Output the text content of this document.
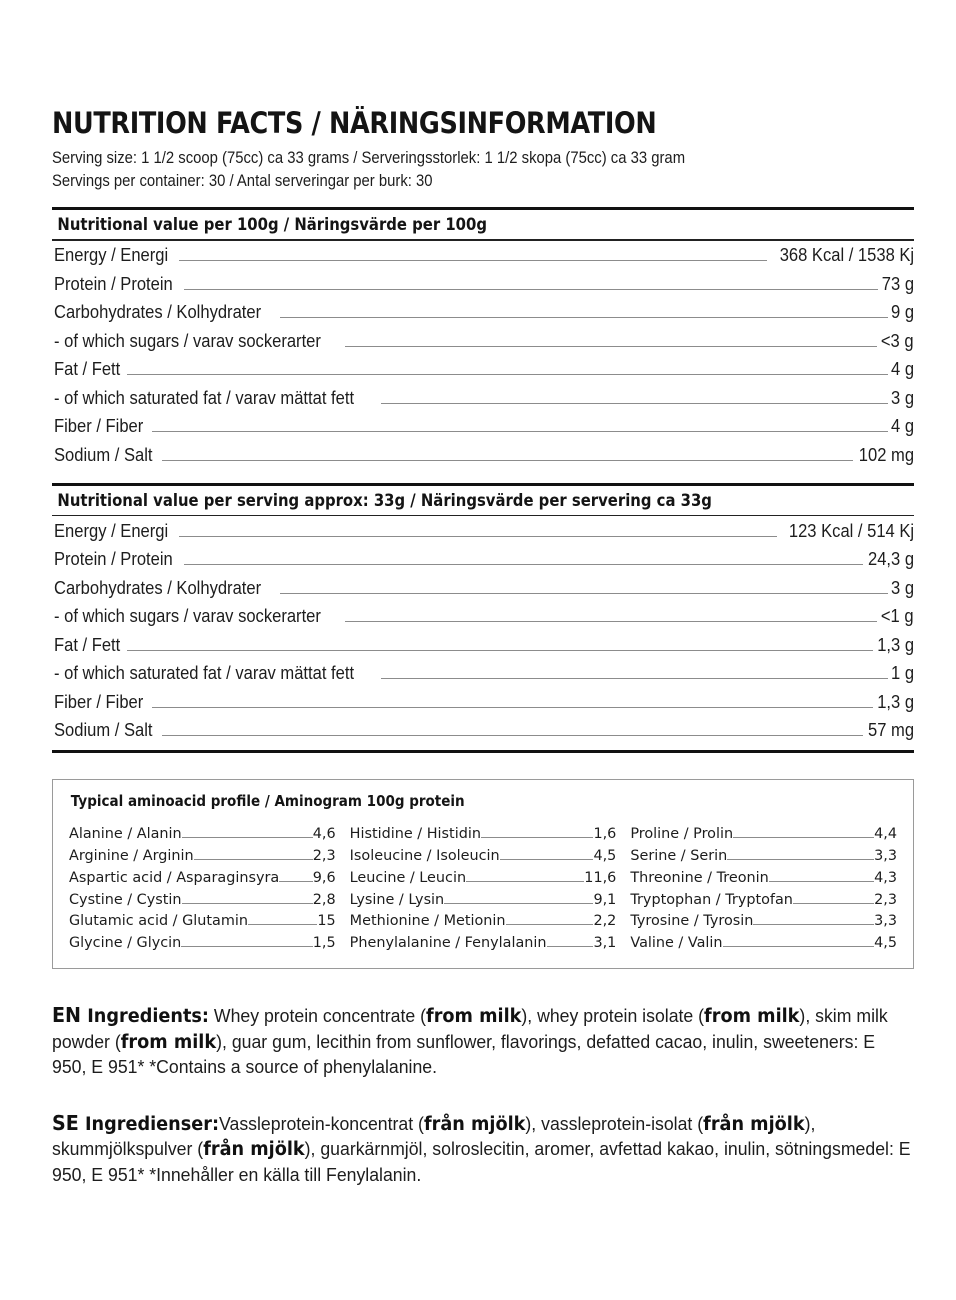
NUTRITION FACTS / NÄRINGSINFORMATION
Serving size: 1 1/2 scoop (75cc) ca 33 grams / Serveringsstorlek: 1 1/2 skopa (75cc) ca 33 gram
Servings per container: 30 / Antal serveringar per burk: 30
Nutritional value per 100g / Näringsvärde per 100g
Energy / Energi	368 Kcal / 1538 Kj
Protein / Protein	73 g
Carbohydrates / Kolhydrater	9 g
- of which sugars / varav sockerarter	<3 g
Fat / Fett	4 g
- of which saturated fat / varav mättat fett	3 g
Fiber / Fiber	4 g
Sodium / Salt	102 mg
Nutritional value per serving approx: 33g / Näringsvärde per servering ca 33g
Energy / Energi	123 Kcal / 514 Kj
Protein / Protein	24,3 g
Carbohydrates / Kolhydrater	3 g
- of which sugars / varav sockerarter	<1 g
Fat / Fett	1,3 g
- of which saturated fat / varav mättat fett	1 g
Fiber / Fiber	1,3 g
Sodium / Salt	57 mg
Typical aminoacid profile / Aminogram 100g protein
Alanine / Alanin	4,6
Arginine / Arginin	2,3
Aspartic acid / Asparaginsyra 9,6
Cystine / Cystin	2,8
Glutamic acid / Glutamin	15
Glycine / Glycin	1,5
Histidine / Histidin	1,6
Isoleucine / Isoleucin	4,5
Leucine / Leucin	11,6
Lysine / Lysin	9,1
Methionine / Metionin	2,2
Phenylalanine / Fenylalanin	3,1
Proline / Prolin	4,4
Serine / Serin	3,3
Threonine / Treonin	4,3
Tryptophan / Tryptofan	2,3
Tyrosine / Tyrosin	3,3
Valine / Valin	4,5

EN Ingredients: Whey protein concentrate (from milk), whey protein isolate (from milk), skim milk powder (from milk), guar gum, lecithin from sunflower, flavorings, defatted cacao, inulin, sweeteners: E 950, E 951* *Contains a source of phenylalanine.

SE Ingredienser:Vassleprotein-koncentrat (från mjölk), vassleprotein-isolat (från mjölk), skummjölkspulver (från mjölk), guarkärnmjöl, solroslecitin, aromer, avfettad kakao, inulin, sötningsmedel: E 950, E 951* *Innehåller en källa till Fenylalanin.
